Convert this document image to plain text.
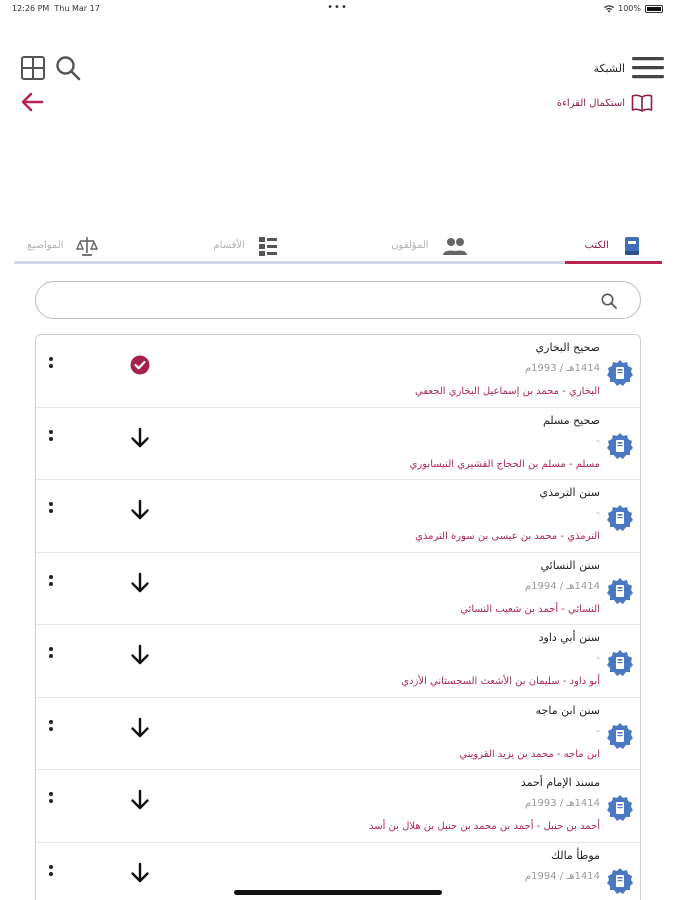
12:26 PM Thu Mar 17	•••	100%
الشبكة
استكمال القراءة
الكتب
المؤلفون
الأقسام
المواضيع
صحيح البخاري
1414هـ / 1993م
البخاري - محمد بن إسماعيل البخاري الجعفي
صحيح مسلم
-
مسلم - مسلم بن الحجاج القشيري النيسابوري
سنن الترمذي
-
الترمذي - محمد بن عيسى بن سورة الترمذي
سنن النسائي
1414هـ / 1994م
النسائي - أحمد بن شعيب النسائي
سنن أبي داود
-
أبو داود - سليمان بن الأشعث السجستاني الأزدي
سنن ابن ماجه
-
ابن ماجه - محمد بن يزيد القزويني
مسند الإمام أحمد
1414هـ / 1993م
أحمد بن حنبل - أحمد بن محمد بن حنبل بن هلال بن أسد
موطأ مالك
1414هـ / 1994م
